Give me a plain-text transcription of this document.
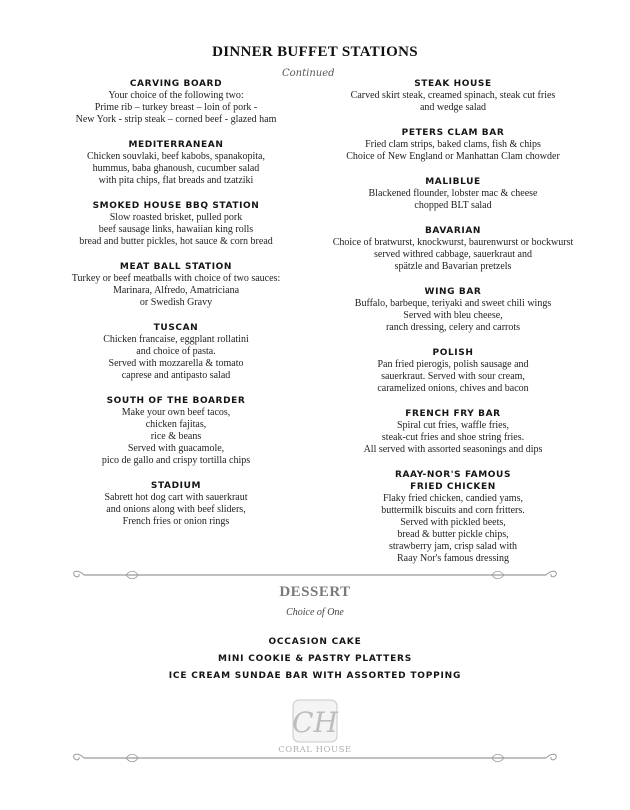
DINNER BUFFET STATIONS
Continued
CARVING BOARD
Your choice of the following two:
Prime rib – turkey breast – loin of pork -
New York - strip steak – corned beef - glazed ham
MEDITERRANEAN
Chicken souvlaki, beef kabobs, spanakopita,
hummus, baba ghanoush, cucumber salad
with pita chips, flat breads and tzatziki
SMOKED HOUSE BBQ STATION
Slow roasted brisket, pulled pork
beef sausage links, hawaiian king rolls
bread and butter pickles, hot sauce & corn bread
MEAT BALL STATION
Turkey or beef meatballs with choice of two sauces:
Marinara, Alfredo, Amatriciana
or Swedish Gravy
TUSCAN
Chicken francaise, eggplant rollatini
and choice of pasta.
Served with mozzarella & tomato
caprese and antipasto salad
SOUTH OF THE BOARDER
Make your own beef tacos,
chicken fajitas,
rice & beans
Served with guacamole,
pico de gallo and crispy tortilla chips
STADIUM
Sabrett hot dog cart with sauerkraut
and onions along with beef sliders,
French fries or onion rings
STEAK HOUSE
Carved skirt steak, creamed spinach, steak cut fries
and wedge salad
PETERS CLAM BAR
Fried clam strips, baked clams, fish & chips
Choice of New England or Manhattan Clam chowder
MALIBLUE
Blackened flounder, lobster mac & cheese
chopped BLT salad
BAVARIAN
Choice of bratwurst, knockwurst, baurenwurst or bockwurst
served withred cabbage, sauerkraut and
spätzle and Bavarian pretzels
WING BAR
Buffalo, barbeque, teriyaki and sweet chili wings
Served with bleu cheese,
ranch dressing, celery and carrots
POLISH
Pan fried pierogis, polish sausage and
sauerkraut. Served with sour cream,
caramelized onions, chives and bacon
FRENCH FRY BAR
Spiral cut fries, waffle fries,
steak-cut fries and shoe string fries.
All served with assorted seasonings and dips
RAAY-NOR'S FAMOUS
FRIED CHICKEN
Flaky fried chicken, candied yams,
buttermilk biscuits and corn fritters.
Served with pickled beets,
bread & butter pickle chips,
strawberry jam, crisp salad with
Raay Nor's famous dressing
DESSERT
Choice of One
OCCASION CAKE
MINI COOKIE & PASTRY PLATTERS
ICE CREAM SUNDAE BAR WITH ASSORTED TOPPING
CH
CORAL HOUSE
